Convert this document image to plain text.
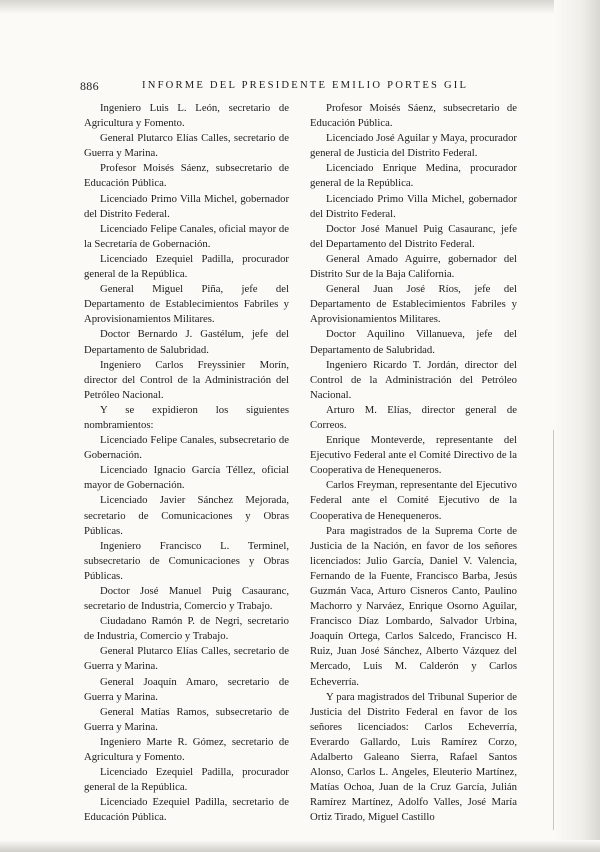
886	INFORME DEL PRESIDENTE EMILIO PORTES GIL

Ingeniero Luis L. León, secretario de Agricultura y Fomento.

General Plutarco Elías Calles, secretario de Guerra y Marina.

Profesor Moisés Sáenz, subsecretario de Educación Pública.

Licenciado Primo Villa Michel, gobernador del Distrito Federal.

Licenciado Felipe Canales, oficial mayor de la Secretaría de Gobernación.

Licenciado Ezequiel Padilla, procurador general de la República.

General Miguel Piña, jefe del Departamento de Establecimientos Fabriles y Aprovisionamientos Militares.

Doctor Bernardo J. Gastélum, jefe del Departamento de Salubridad.

Ingeniero Carlos Freyssinier Morín, director del Control de la Administración del Petróleo Nacional.

Y se expidieron los siguientes nombramientos:

Licenciado Felipe Canales, subsecretario de Gobernación.

Licenciado Ignacio García Téllez, oficial mayor de Gobernación.

Licenciado Javier Sánchez Mejorada, secretario de Comunicaciones y Obras Públicas.

Ingeniero Francisco L. Terminel, subsecretario de Comunicaciones y Obras Públicas.

Doctor José Manuel Puig Casauranc, secretario de Industria, Comercio y Trabajo.

Ciudadano Ramón P. de Negri, secretario de Industria, Comercio y Trabajo.

General Plutarco Elías Calles, secretario de Guerra y Marina.

General Joaquín Amaro, secretario de Guerra y Marina.

General Matías Ramos, subsecretario de Guerra y Marina.

Ingeniero Marte R. Gómez, secretario de Agricultura y Fomento.

Licenciado Ezequiel Padilla, procurador general de la República.

Licenciado Ezequiel Padilla, secretario de Educación Pública.

Profesor Moisés Sáenz, subsecretario de Educación Pública.

Licenciado José Aguilar y Maya, procurador general de Justicia del Distrito Federal.

Licenciado Enrique Medina, procurador general de la República.

Licenciado Primo Villa Michel, gobernador del Distrito Federal.

Doctor José Manuel Puig Casauranc, jefe del Departamento del Distrito Federal.

General Amado Aguirre, gobernador del Distrito Sur de la Baja California.

General Juan José Ríos, jefe del Departamento de Establecimientos Fabriles y Aprovisionamientos Militares.

Doctor Aquilino Villanueva, jefe del Departamento de Salubridad.

Ingeniero Ricardo T. Jordán, director del Control de la Administración del Petróleo Nacional.

Arturo M. Elías, director general de Correos.

Enrique Monteverde, representante del Ejecutivo Federal ante el Comité Directivo de la Cooperativa de Henequeneros.

Carlos Freyman, representante del Ejecutivo Federal ante el Comité Ejecutivo de la Cooperativa de Henequeneros.

Para magistrados de la Suprema Corte de Justicia de la Nación, en favor de los señores licenciados: Julio García, Daniel V. Valencia, Fernando de la Fuente, Francisco Barba, Jesús Guzmán Vaca, Arturo Cisneros Canto, Paulino Machorro y Narváez, Enrique Osorno Aguilar, Francisco Díaz Lombardo, Salvador Urbina, Joaquín Ortega, Carlos Salcedo, Francisco H. Ruiz, Juan José Sánchez, Alberto Vázquez del Mercado, Luis M. Calderón y Carlos Echeverría.

Y para magistrados del Tribunal Superior de Justicia del Distrito Federal en favor de los señores licenciados: Carlos Echeverría, Everardo Gallardo, Luis Ramírez Corzo, Adalberto Galeano Sierra, Rafael Santos Alonso, Carlos L. Angeles, Eleuterio Martínez, Matías Ochoa, Juan de la Cruz García, Julián Ramírez Martínez, Adolfo Valles, José María Ortiz Tirado, Miguel Castillo
